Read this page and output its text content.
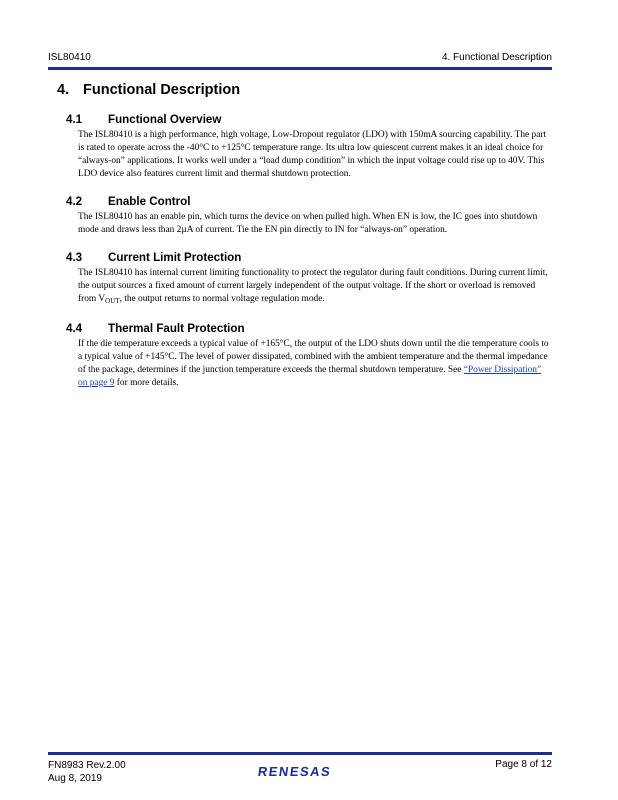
ISL80410	4. Functional Description
4. Functional Description
4.1 Functional Overview

The ISL80410 is a high performance, high voltage, Low-Dropout regulator (LDO) with 150mA sourcing capability. The part is rated to operate across the -40°C to +125°C temperature range. Its ultra low quiescent current makes it an ideal choice for “always-on” applications. It works well under a “load dump condition” in which the input voltage could rise up to 40V. This LDO device also features current limit and thermal shutdown protection.

4.2 Enable Control

The ISL80410 has an enable pin, which turns the device on when pulled high. When EN is low, the IC goes into shutdown mode and draws less than 2µA of current. Tie the EN pin directly to IN for “always-on” operation.

4.3 Current Limit Protection

The ISL80410 has internal current limiting functionality to protect the regulator during fault conditions. During current limit, the output sources a fixed amount of current largely independent of the output voltage. If the short or overload is removed from $V_{OUT}$, the output returns to normal voltage regulation mode.

4.4 Thermal Fault Protection

If the die temperature exceeds a typical value of +165°C, the output of the LDO shuts down until the die temperature cools to a typical value of +145°C. The level of power dissipated, combined with the ambient temperature and the thermal impedance of the package, determines if the junction temperature exceeds the thermal shutdown temperature. See “Power Dissipation” on page 9 for more details.

FN8983 Rev.2.00
Aug 8, 2019	RENESAS	Page 8 of 12
